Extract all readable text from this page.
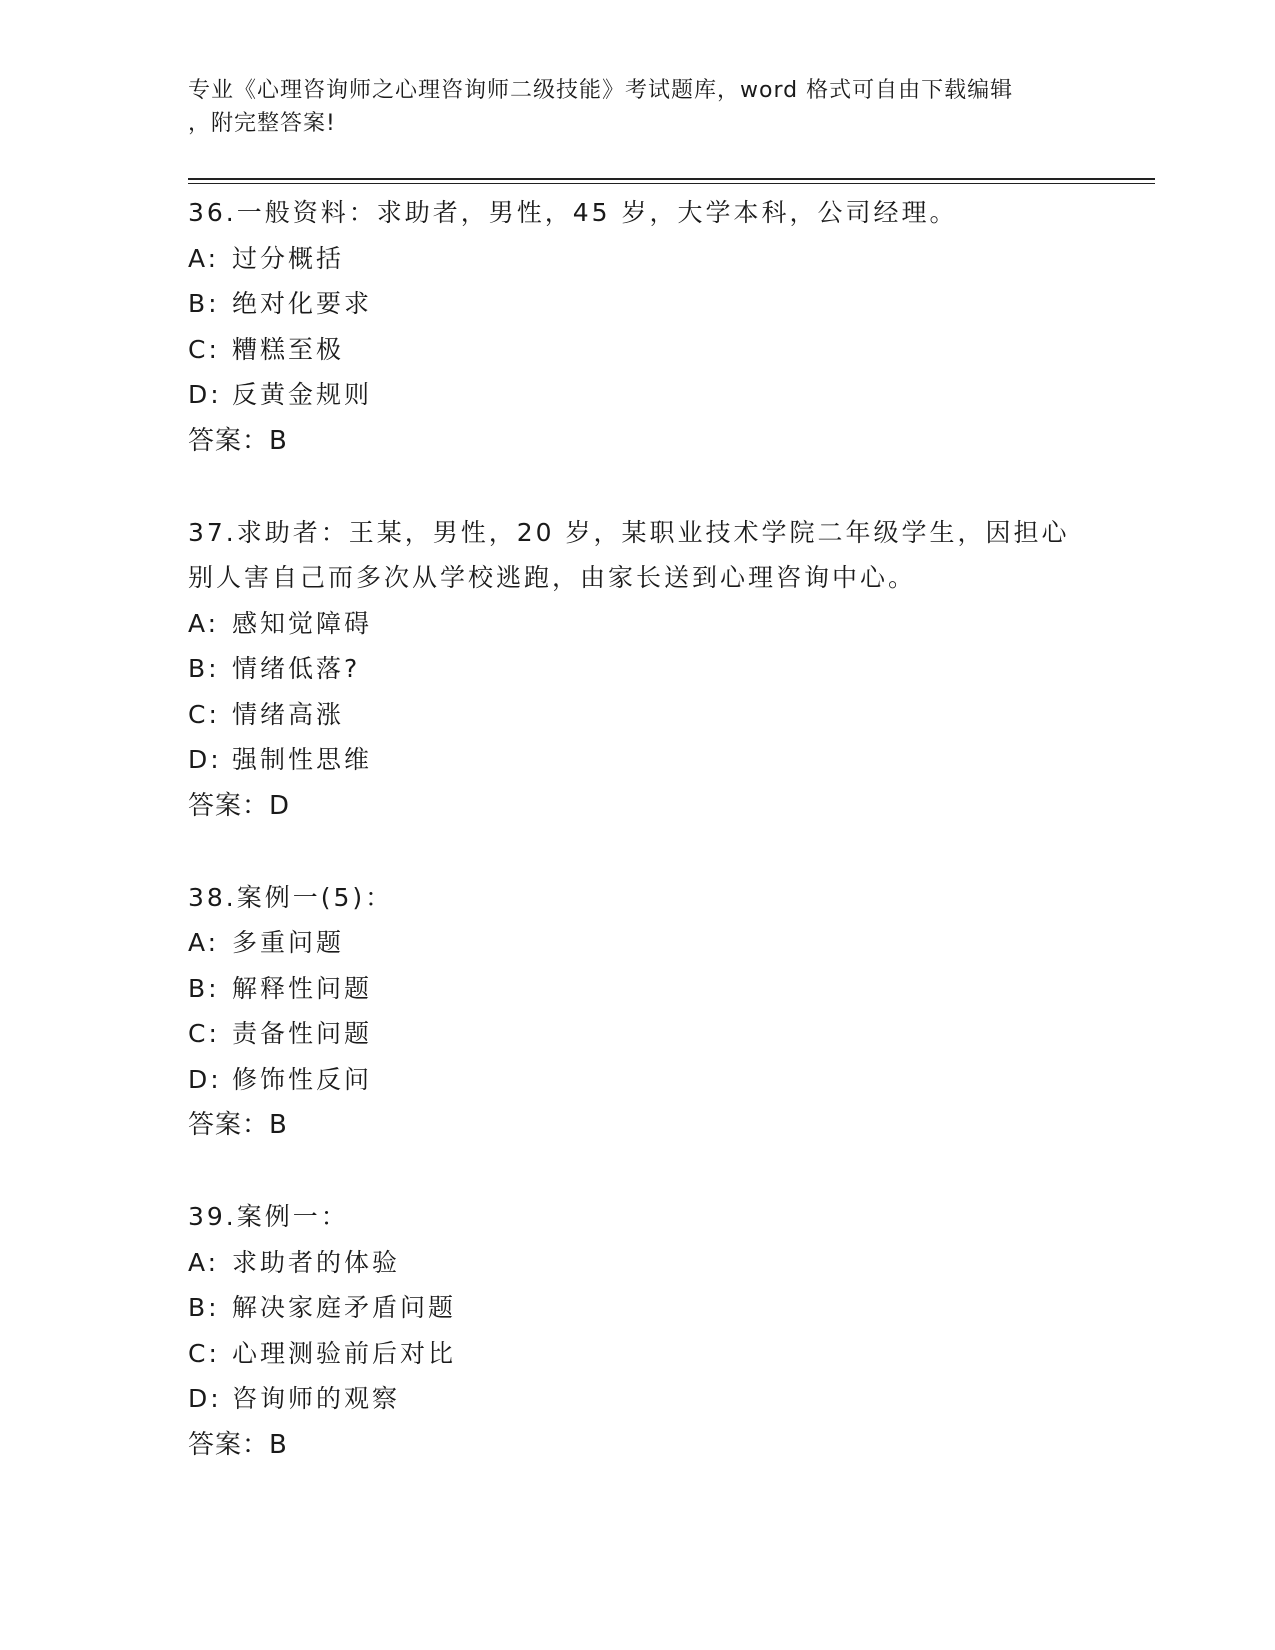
专业《心理咨询师之心理咨询师二级技能》考试题库，word 格式可自由下载编辑
，附完整答案!
36.一般资料：求助者，男性，45 岁，大学本科，公司经理。
A: 过分概括
B: 绝对化要求
C: 糟糕至极
D: 反黄金规则
答案：B
37.求助者：王某，男性，20 岁，某职业技术学院二年级学生，因担心
别人害自己而多次从学校逃跑，由家长送到心理咨询中心。
A: 感知觉障碍
B: 情绪低落?
C: 情绪高涨
D: 强制性思维
答案：D
38.案例一(5)：
A: 多重问题
B: 解释性问题
C: 责备性问题
D: 修饰性反问
答案：B
39.案例一：
A: 求助者的体验
B: 解决家庭矛盾问题
C: 心理测验前后对比
D: 咨询师的观察
答案：B
